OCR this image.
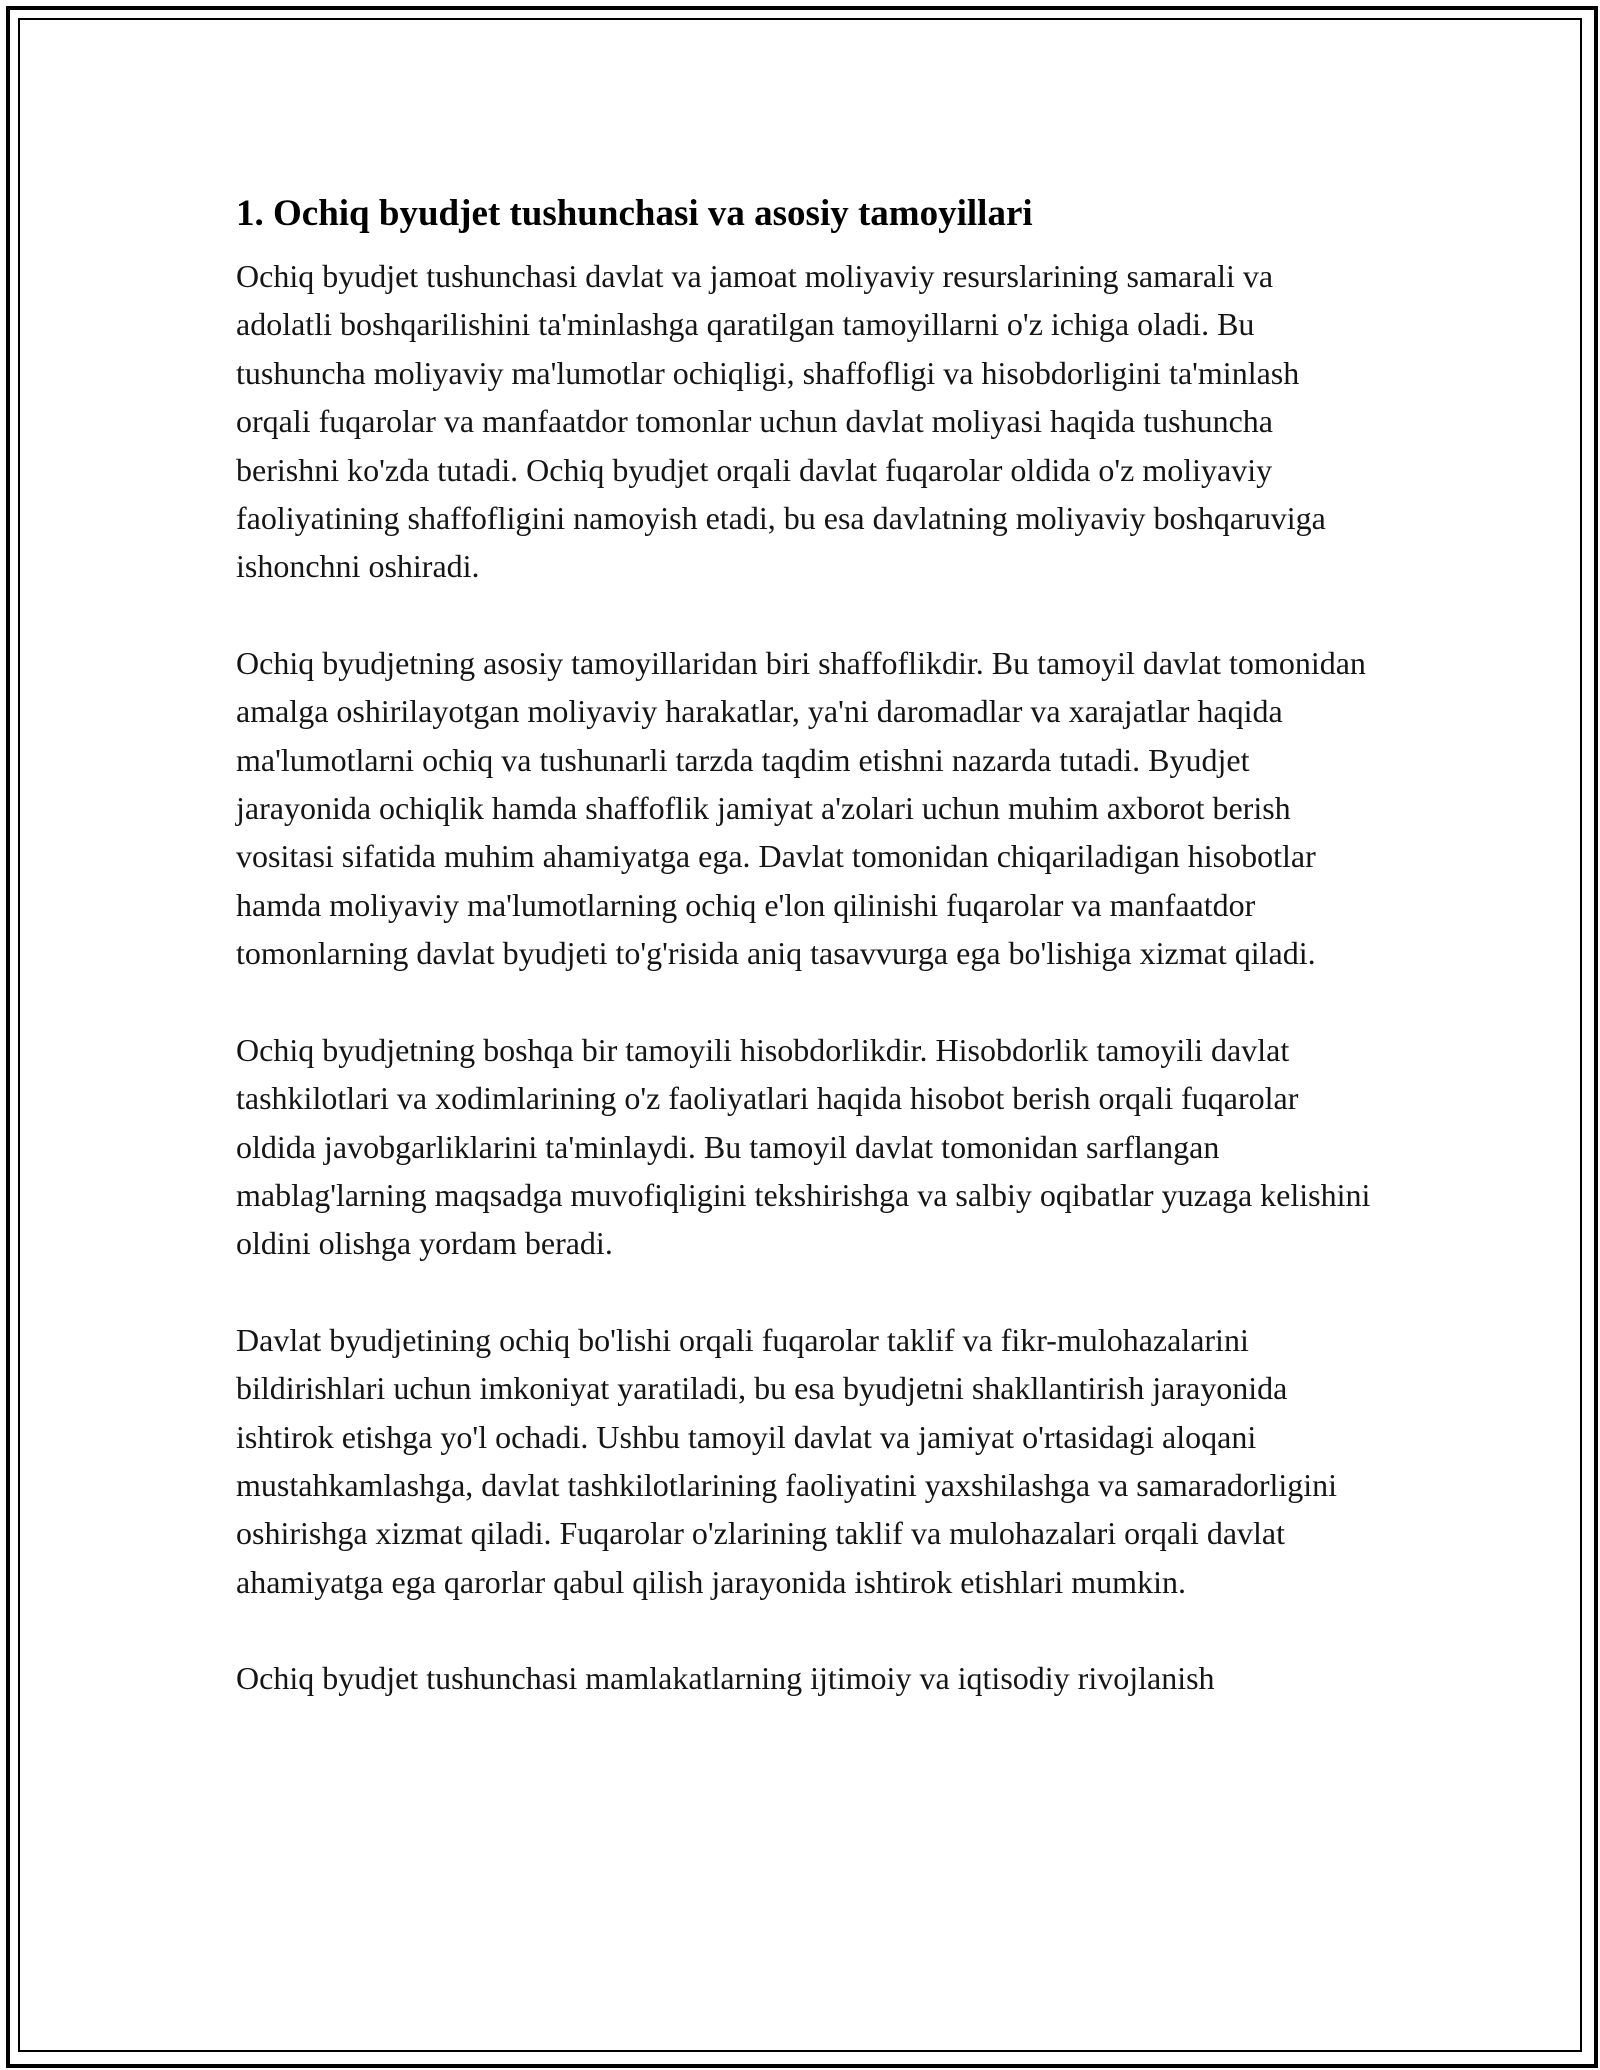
1. Ochiq byudjet tushunchasi va asosiy tamoyillari

Ochiq byudjet tushunchasi davlat va jamoat moliyaviy resurslarining samarali va adolatli boshqarilishini ta'minlashga qaratilgan tamoyillarni o'z ichiga oladi. Bu tushuncha moliyaviy ma'lumotlar ochiqligi, shaffofligi va hisobdorligini ta'minlash orqali fuqarolar va manfaatdor tomonlar uchun davlat moliyasi haqida tushuncha berishni ko'zda tutadi. Ochiq byudjet orqali davlat fuqarolar oldida o'z moliyaviy faoliyatining shaffofligini namoyish etadi, bu esa davlatning moliyaviy boshqaruviga ishonchni oshiradi.

Ochiq byudjetning asosiy tamoyillaridan biri shaffoflikdir. Bu tamoyil davlat tomonidan amalga oshirilayotgan moliyaviy harakatlar, ya'ni daromadlar va xarajatlar haqida ma'lumotlarni ochiq va tushunarli tarzda taqdim etishni nazarda tutadi. Byudjet jarayonida ochiqlik hamda shaffoflik jamiyat a'zolari uchun muhim axborot berish vositasi sifatida muhim ahamiyatga ega. Davlat tomonidan chiqariladigan hisobotlar hamda moliyaviy ma'lumotlarning ochiq e'lon qilinishi fuqarolar va manfaatdor tomonlarning davlat byudjeti to'g'risida aniq tasavvurga ega bo'lishiga xizmat qiladi.

Ochiq byudjetning boshqa bir tamoyili hisobdorlikdir. Hisobdorlik tamoyili davlat tashkilotlari va xodimlarining o'z faoliyatlari haqida hisobot berish orqali fuqarolar oldida javobgarliklarini ta'minlaydi. Bu tamoyil davlat tomonidan sarflangan mablag'larning maqsadga muvofiqligini tekshirishga va salbiy oqibatlar yuzaga kelishini oldini olishga yordam beradi.

Davlat byudjetining ochiq bo'lishi orqali fuqarolar taklif va fikr-mulohazalarini bildirishlari uchun imkoniyat yaratiladi, bu esa byudjetni shakllantirish jarayonida ishtirok etishga yo'l ochadi. Ushbu tamoyil davlat va jamiyat o'rtasidagi aloqani mustahkamlashga, davlat tashkilotlarining faoliyatini yaxshilashga va samaradorligini oshirishga xizmat qiladi. Fuqarolar o'zlarining taklif va mulohazalari orqali davlat ahamiyatga ega qarorlar qabul qilish jarayonida ishtirok etishlari mumkin.

Ochiq byudjet tushunchasi mamlakatlarning ijtimoiy va iqtisodiy rivojlanish
